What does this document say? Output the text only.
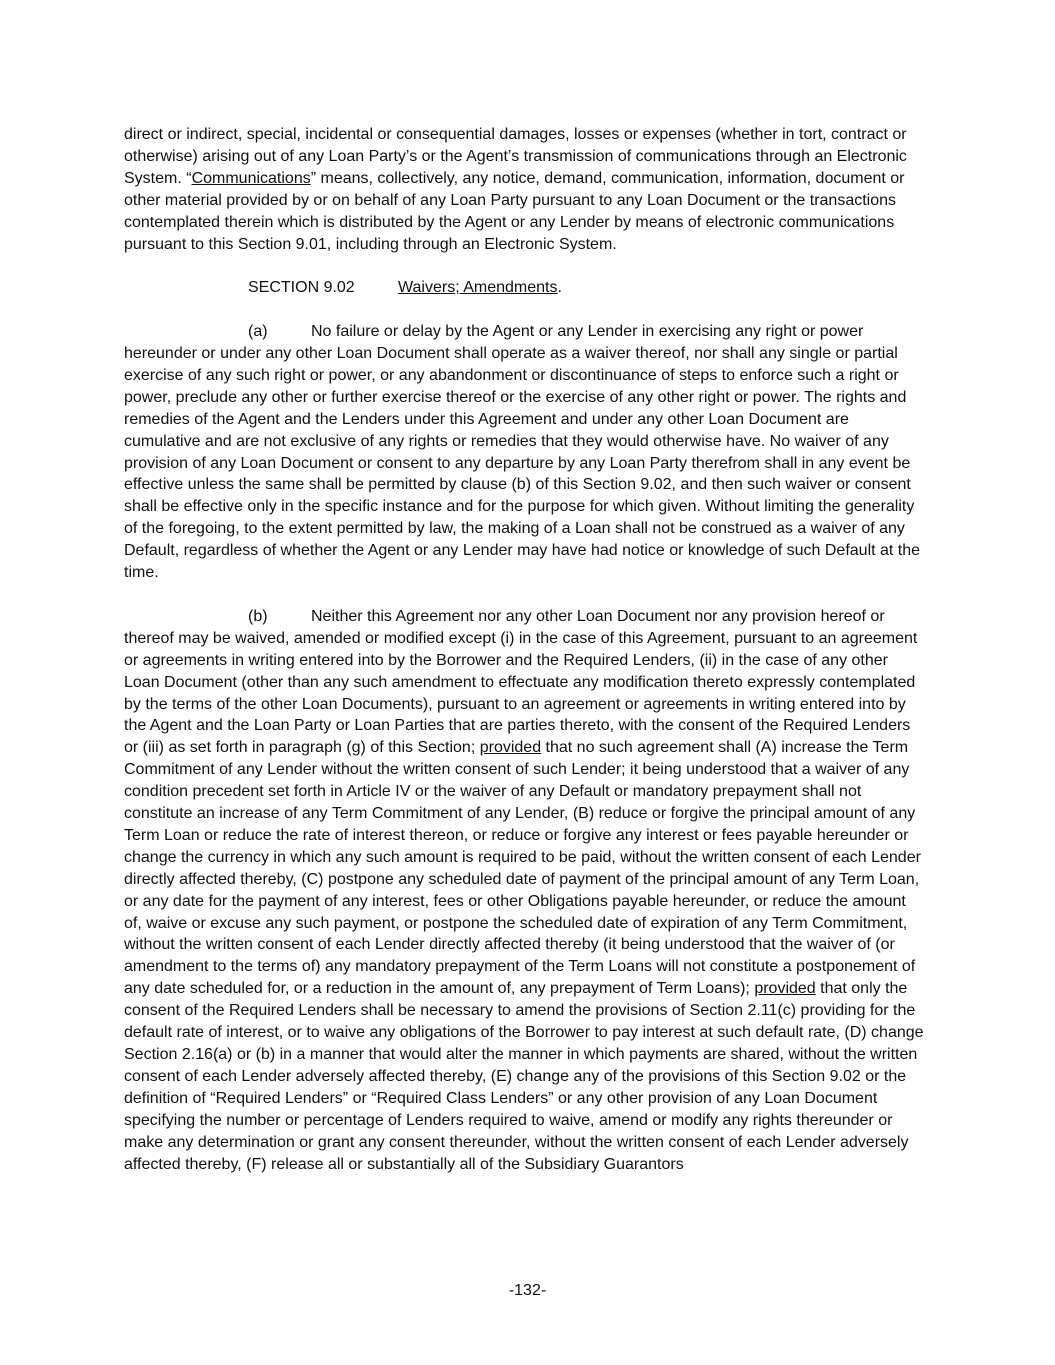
direct or indirect, special, incidental or consequential damages, losses or expenses (whether in tort, contract or otherwise) arising out of any Loan Party’s or the Agent’s transmission of communications through an Electronic System. “Communications” means, collectively, any notice, demand, communication, information, document or other material provided by or on behalf of any Loan Party pursuant to any Loan Document or the transactions contemplated therein which is distributed by the Agent or any Lender by means of electronic communications pursuant to this Section 9.01, including through an Electronic System.

SECTION 9.02	Waivers; Amendments.

(a)	No failure or delay by the Agent or any Lender in exercising any right or power hereunder or under any other Loan Document shall operate as a waiver thereof, nor shall any single or partial exercise of any such right or power, or any abandonment or discontinuance of steps to enforce such a right or power, preclude any other or further exercise thereof or the exercise of any other right or power. The rights and remedies of the Agent and the Lenders under this Agreement and under any other Loan Document are cumulative and are not exclusive of any rights or remedies that they would otherwise have. No waiver of any provision of any Loan Document or consent to any departure by any Loan Party therefrom shall in any event be effective unless the same shall be permitted by clause (b) of this Section 9.02, and then such waiver or consent shall be effective only in the specific instance and for the purpose for which given. Without limiting the generality of the foregoing, to the extent permitted by law, the making of a Loan shall not be construed as a waiver of any Default, regardless of whether the Agent or any Lender may have had notice or knowledge of such Default at the time.

(b)	Neither this Agreement nor any other Loan Document nor any provision hereof or thereof may be waived, amended or modified except (i) in the case of this Agreement, pursuant to an agreement or agreements in writing entered into by the Borrower and the Required Lenders, (ii) in the case of any other Loan Document (other than any such amendment to effectuate any modification thereto expressly contemplated by the terms of the other Loan Documents), pursuant to an agreement or agreements in writing entered into by the Agent and the Loan Party or Loan Parties that are parties thereto, with the consent of the Required Lenders or (iii) as set forth in paragraph (g) of this Section; provided that no such agreement shall (A) increase the Term Commitment of any Lender without the written consent of such Lender; it being understood that a waiver of any condition precedent set forth in Article IV or the waiver of any Default or mandatory prepayment shall not constitute an increase of any Term Commitment of any Lender, (B) reduce or forgive the principal amount of any Term Loan or reduce the rate of interest thereon, or reduce or forgive any interest or fees payable hereunder or change the currency in which any such amount is required to be paid, without the written consent of each Lender directly affected thereby, (C) postpone any scheduled date of payment of the principal amount of any Term Loan, or any date for the payment of any interest, fees or other Obligations payable hereunder, or reduce the amount of, waive or excuse any such payment, or postpone the scheduled date of expiration of any Term Commitment, without the written consent of each Lender directly affected thereby (it being understood that the waiver of (or amendment to the terms of) any mandatory prepayment of the Term Loans will not constitute a postponement of any date scheduled for, or a reduction in the amount of, any prepayment of Term Loans); provided that only the consent of the Required Lenders shall be necessary to amend the provisions of Section 2.11(c) providing for the default rate of interest, or to waive any obligations of the Borrower to pay interest at such default rate, (D) change Section 2.16(a) or (b) in a manner that would alter the manner in which payments are shared, without the written consent of each Lender adversely affected thereby, (E) change any of the provisions of this Section 9.02 or the definition of “Required Lenders” or “Required Class Lenders” or any other provision of any Loan Document specifying the number or percentage of Lenders required to waive, amend or modify any rights thereunder or make any determination or grant any consent thereunder, without the written consent of each Lender adversely affected thereby, (F) release all or substantially all of the Subsidiary Guarantors

-132-
